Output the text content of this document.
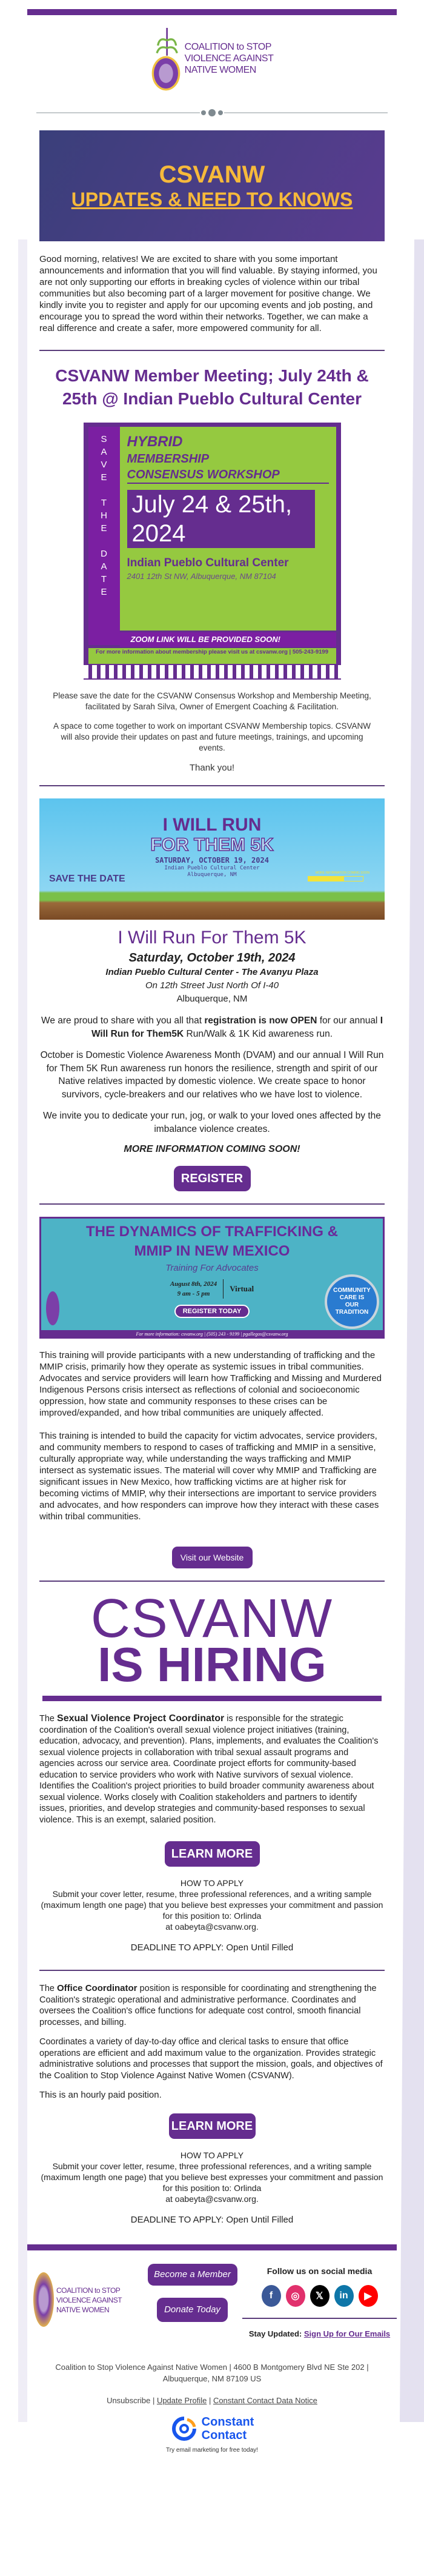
COALITION to STOP
VIOLENCE AGAINST
NATIVE WOMEN
CSVANW
UPDATES & NEED TO KNOWS

Good morning, relatives! We are excited to share with you some important announcements and information that you will find valuable. By staying informed, you are not only supporting our efforts in breaking cycles of violence within our tribal communities but also becoming part of a larger movement for positive change. We kindly invite you to register and apply for our upcoming events and job posting, and encourage you to spread the word within their networks. Together, we can make a real difference and create a safer, more empowered community for all.

CSVANW Member Meeting; July 24th & 25th @ Indian Pueblo Cultural Center
SAVE THE DATE HYBRID
MEMBERSHIP
CONSENSUS WORKSHOP
July 24 & 25th, 2024
Indian Pueblo Cultural Center
2401 12th St NW, Albuquerque, NM 87104
ZOOM LINK WILL BE PROVIDED SOON!
For more information about membership please visit us at csvanw.org | 505-243-9199

Please save the date for the CSVANW Consensus Workshop and Membership Meeting, facilitated by Sarah Silva, Owner of Emergent Coaching & Facilitation.

A space to come together to work on important CSVANW Membership topics. CSVANW will also provide their updates on past and future meetings, trainings, and upcoming events.

Thank you!

I WILL RUN
FOR THEM 5K
SATURDAY, OCTOBER 19, 2024
Indian Pueblo Cultural Center
Albuquerque, NM
SAVE THE DATE
MORE INFORMATION COMING SOON
I Will Run For Them 5K
Saturday, October 19th, 2024
Indian Pueblo Cultural Center - The Avanyu Plaza
On 12th Street Just North Of I-40
Albuquerque, NM

We are proud to share with you all that registration is now OPEN for our annual I Will Run for Them5K Run/Walk & 1K Kid awareness run.

October is Domestic Violence Awareness Month (DVAM) and our annual I Will Run for Them 5K Run awareness run honors the resilience, strength and spirit of our Native relatives impacted by domestic violence. We create space to honor survivors, cycle-breakers and our relatives who we have lost to violence.

We invite you to dedicate your run, jog, or walk to your loved ones affected by the imbalance violence creates.

MORE INFORMATION COMING SOON!
REGISTER
THE DYNAMICS OF TRAFFICKING &
MMIP IN NEW MEXICO
Training For Advocates
August 8th, 2024
9 am - 5 pm
Virtual
REGISTER TODAY
COMMUNITY CARE IS OUR TRADITION
For more information: csvanw.org | (505) 243 - 9199 | pgallegos@csvanw.org

This training will provide participants with a new understanding of trafficking and the MMIP crisis, primarily how they operate as systemic issues in tribal communities. Advocates and service providers will learn how Trafficking and Missing and Murdered Indigenous Persons crisis intersect as reflections of colonial and socioeconomic oppression, how state and community responses to these crises can be improved/expanded, and how tribal communities are uniquely affected.

This training is intended to build the capacity for victim advocates, service providers, and community members to respond to cases of trafficking and MMIP in a sensitive, culturally appropriate way, while understanding the ways trafficking and MMIP intersect as systematic issues. The material will cover why MMIP and Trafficking are significant issues in New Mexico, how trafficking victims are at higher risk for becoming victims of MMIP, why their intersections are important to service providers and advocates, and how responders can improve how they interact with these cases within tribal communities.

Visit our Website
CSVANW
IS HIRING

The Sexual Violence Project Coordinator is responsible for the strategic coordination of the Coalition's overall sexual violence project initiatives (training, education, advocacy, and prevention). Plans, implements, and evaluates the Coalition's sexual violence projects in collaboration with tribal sexual assault programs and agencies across our service area. Coordinate project efforts for community-based education to service providers who work with Native survivors of sexual violence. Identifies the Coalition's project priorities to build broader community awareness about sexual violence. Works closely with Coalition stakeholders and partners to identify issues, priorities, and develop strategies and community-based responses to sexual violence. This is an exempt, salaried position.

LEARN MORE
HOW TO APPLY
Submit your cover letter, resume, three professional references, and a writing sample (maximum length one page) that you believe best expresses your commitment and passion for this position to: Orlinda
at oabeyta@csvanw.org.
DEADLINE TO APPLY: Open Until Filled

The Office Coordinator position is responsible for coordinating and strengthening the Coalition's strategic operational and administrative performance. Coordinates and oversees the Coalition's office functions for adequate cost control, smooth financial processes, and billing.

Coordinates a variety of day-to-day office and clerical tasks to ensure that office operations are efficient and add maximum value to the organization. Provides strategic administrative solutions and processes that support the mission, goals, and objectives of the Coalition to Stop Violence Against Native Women (CSVANW).

This is an hourly paid position.

LEARN MORE
HOW TO APPLY
Submit your cover letter, resume, three professional references, and a writing sample (maximum length one page) that you believe best expresses your commitment and passion for this position to: Orlinda
at oabeyta@csvanw.org.
DEADLINE TO APPLY: Open Until Filled
COALITION to STOP
VIOLENCE AGAINST
NATIVE WOMEN
Become a Member
Donate Today
Follow us on social media
f	◎	𝕏	in	▶
Stay Updated: Sign Up for Our Emails
Coalition to Stop Violence Against Native Women | 4600 B Montgomery Blvd NE Ste 202 | Albuquerque, NM 87109 US
Unsubscribe | Update Profile | Constant Contact Data Notice
Constant
Contact
Try email marketing for free today!
